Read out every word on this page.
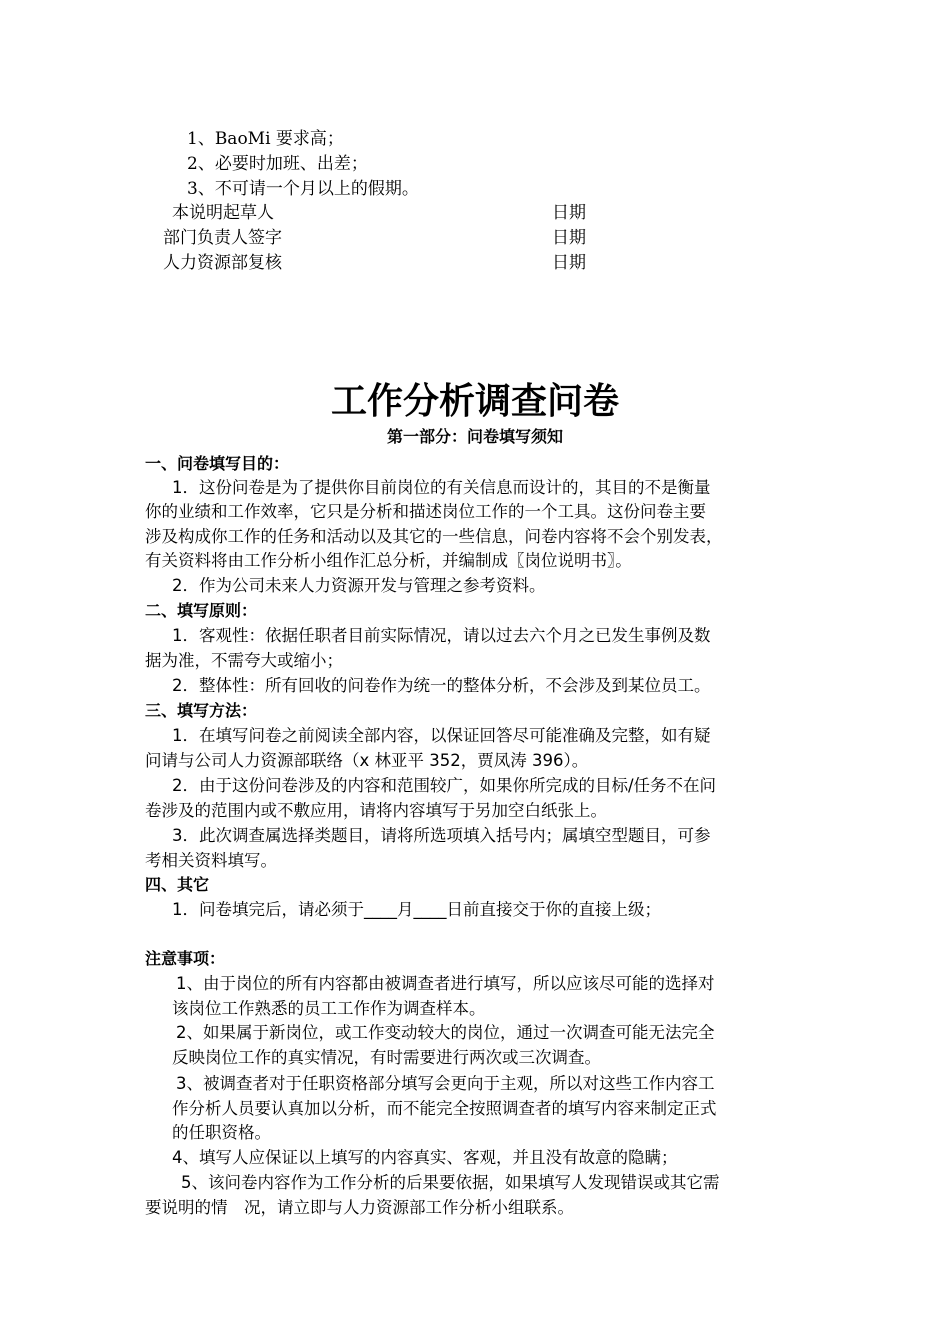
1、BaoMi 要求高；
2、必要时加班、出差；
3、不可请一个月以上的假期。
本说明起草人	日期
部门负责人签字	日期
人力资源部复核	日期
工作分析调查问卷
第一部分：问卷填写须知
一、问卷填写目的：
1．这份问卷是为了提供你目前岗位的有关信息而设计的，其目的不是衡量
你的业绩和工作效率，它只是分析和描述岗位工作的一个工具。这份问卷主要
涉及构成你工作的任务和活动以及其它的一些信息，问卷内容将不会个别发表，
有关资料将由工作分析小组作汇总分析，并编制成〖岗位说明书〗。
2．作为公司未来人力资源开发与管理之参考资料。
二、填写原则：
1．客观性：依据任职者目前实际情况，请以过去六个月之已发生事例及数
据为准，不需夸大或缩小；
2．整体性：所有回收的问卷作为统一的整体分析，不会涉及到某位员工。
三、填写方法：
1．在填写问卷之前阅读全部内容，以保证回答尽可能准确及完整，如有疑
问请与公司人力资源部联络（x 林亚平 352，贾凤涛 396）。
2．由于这份问卷涉及的内容和范围较广，如果你所完成的目标/任务不在问
卷涉及的范围内或不敷应用，请将内容填写于另加空白纸张上。
3．此次调查属选择类题目，请将所选项填入括号内；属填空型题目，可参
考相关资料填写。
四、其它
1．问卷填完后，请必须于____月____日前直接交于你的直接上级；
注意事项：
1、由于岗位的所有内容都由被调查者进行填写，所以应该尽可能的选择对
该岗位工作熟悉的员工工作作为调查样本。
2、如果属于新岗位，或工作变动较大的岗位，通过一次调查可能无法完全
反映岗位工作的真实情况，有时需要进行两次或三次调查。
3、被调查者对于任职资格部分填写会更向于主观，所以对这些工作内容工
作分析人员要认真加以分析，而不能完全按照调查者的填写内容来制定正式
的任职资格。
4、填写人应保证以上填写的内容真实、客观，并且没有故意的隐瞒；
5、该问卷内容作为工作分析的后果要依据，如果填写人发现错误或其它需
要说明的情　况，请立即与人力资源部工作分析小组联系。
